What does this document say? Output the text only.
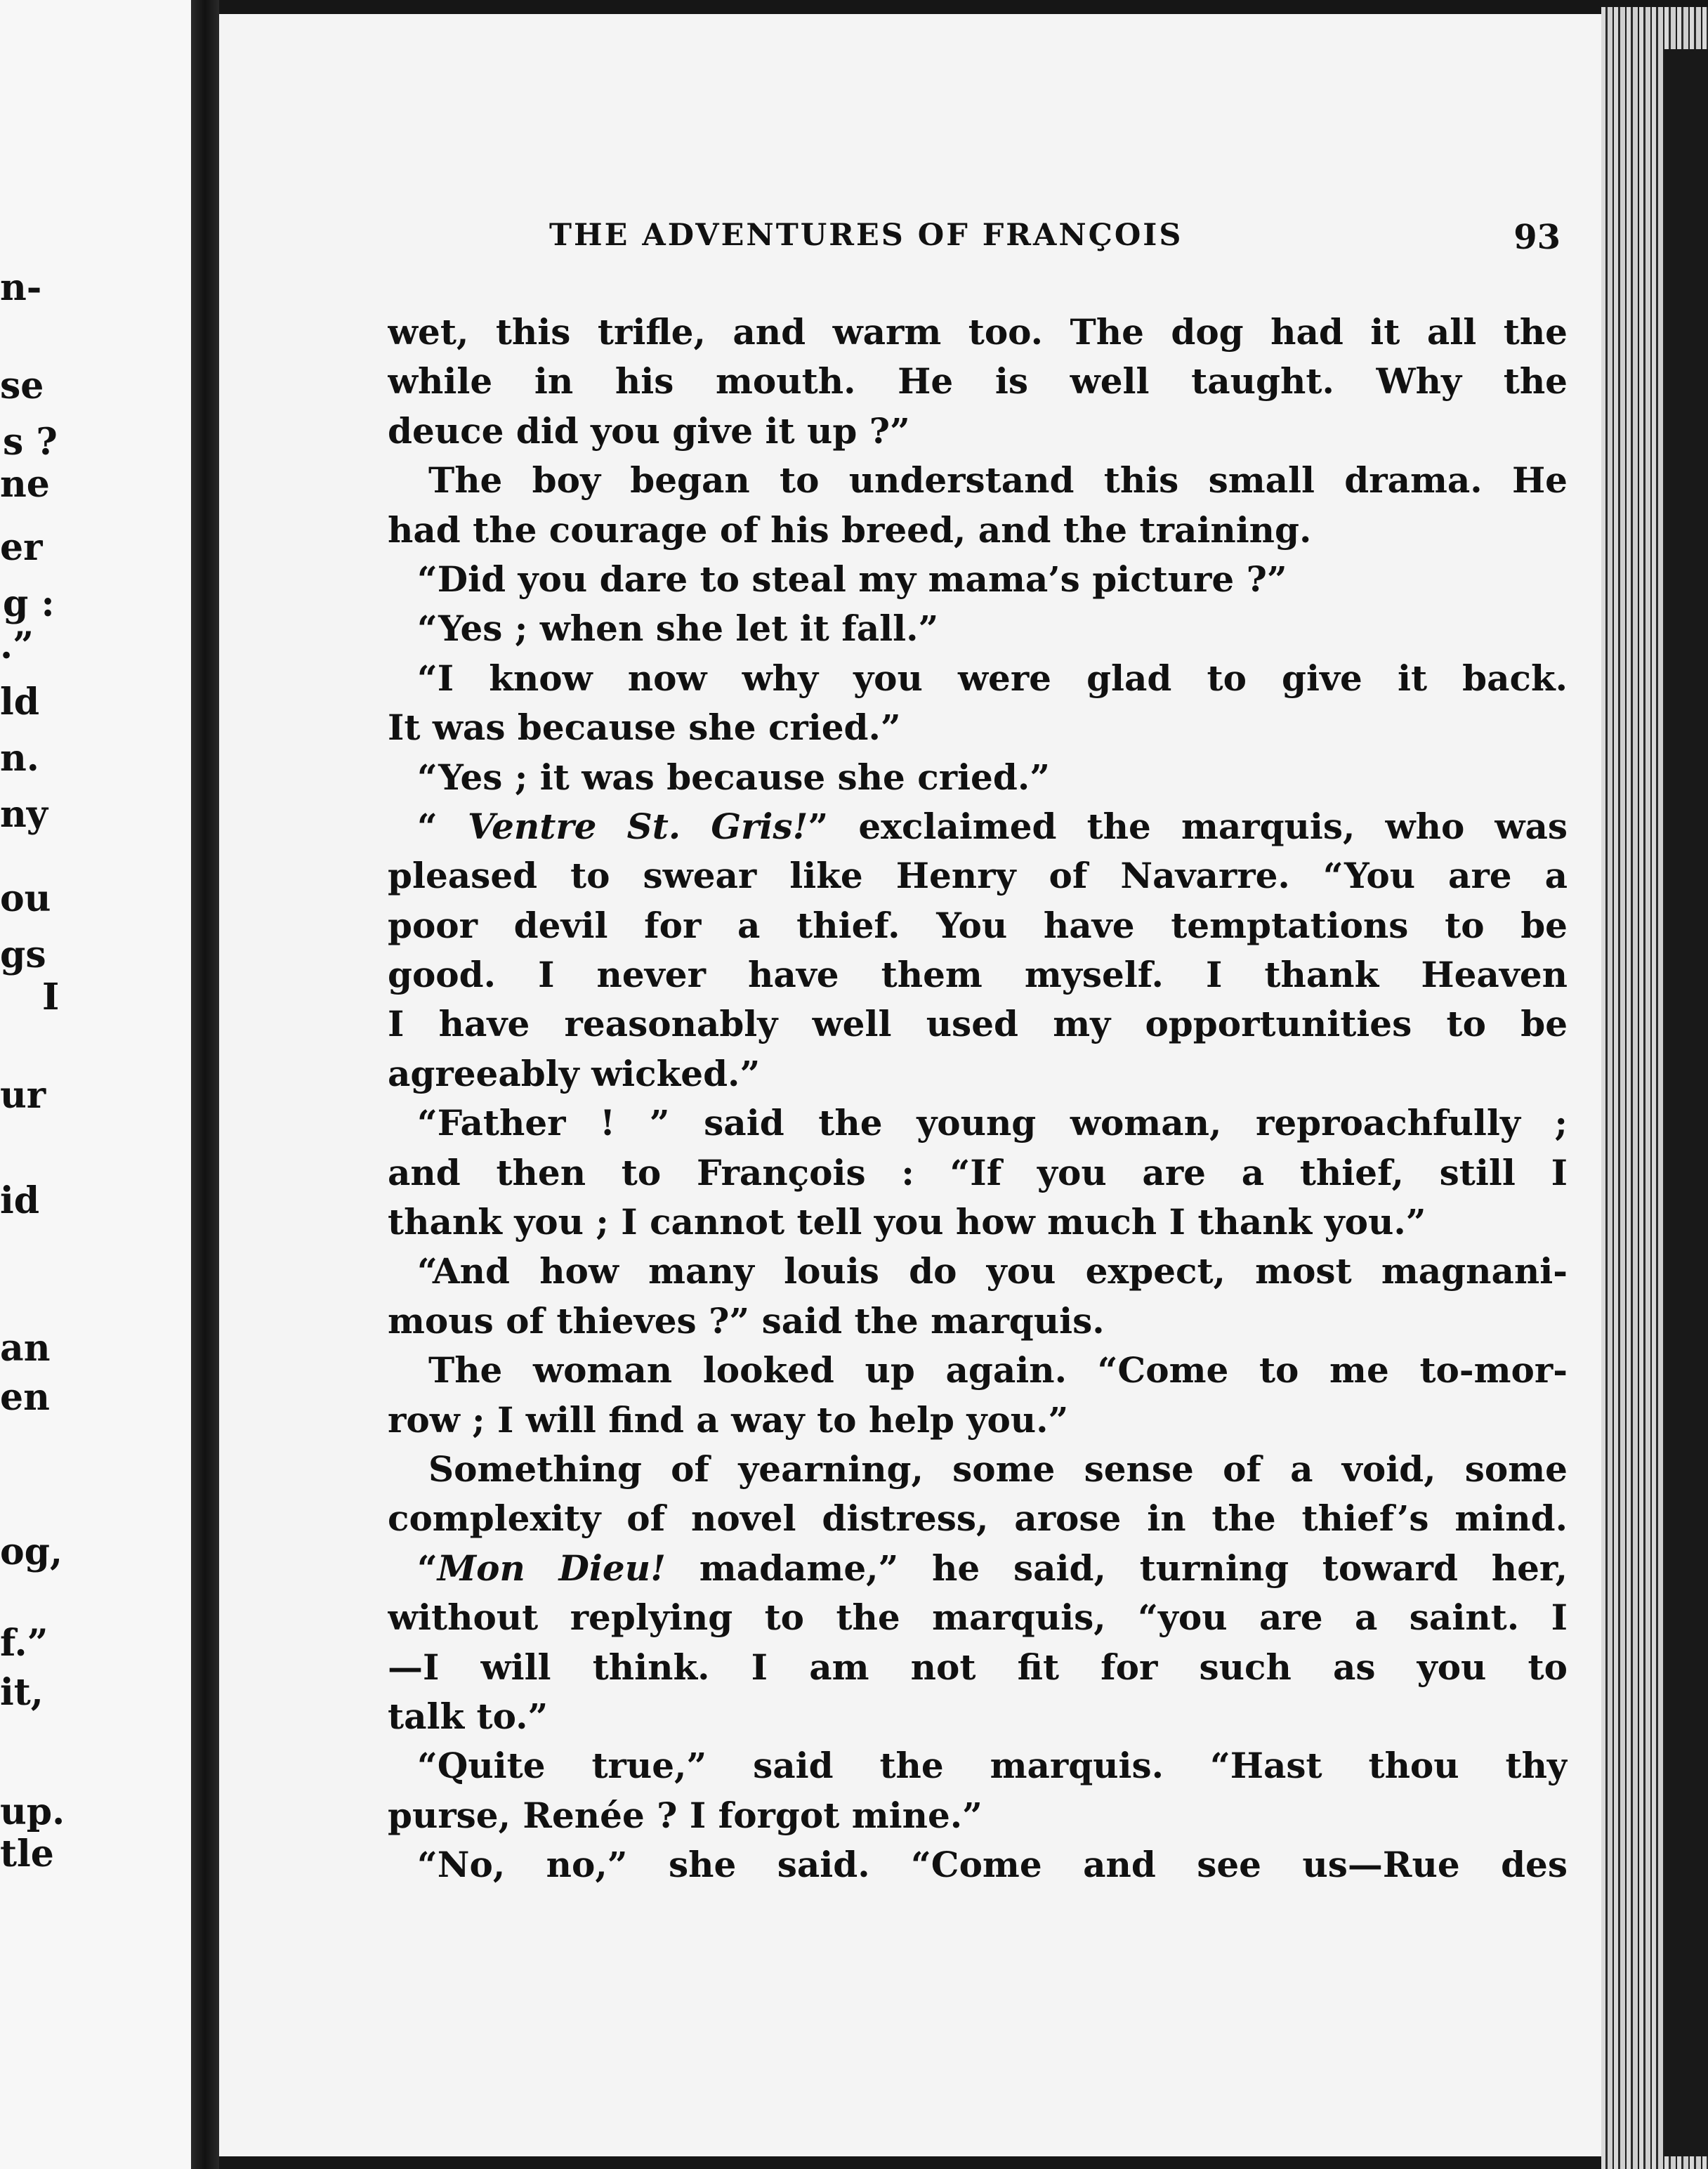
n-
se
s ?
ne
er
g :
.”
ld
n.
ny
ou
gs
I
ur
id
an
en
og,
f.”
it,
up.
tle
THE ADVENTURES OF FRANÇOIS	93
wet, this trifle, and warm too. The dog had it all the
while in his mouth. He is well taught. Why the
deuce did you give it up ?”
The boy began to understand this small drama. He
had the courage of his breed, and the training.
“Did you dare to steal my mama’s picture ?”
“Yes ; when she let it fall.”
“I know now why you were glad to give it back.
It was because she cried.”
“Yes ; it was because she cried.”
“ Ventre St. Gris!” exclaimed the marquis, who was
pleased to swear like Henry of Navarre. “You are a
poor devil for a thief. You have temptations to be
good. I never have them myself. I thank Heaven
I have reasonably well used my opportunities to be
agreeably wicked.”
“Father ! ” said the young woman, reproachfully ;
and then to François : “If you are a thief, still I
thank you ; I cannot tell you how much I thank you.”
“And how many louis do you expect, most magnani-
mous of thieves ?” said the marquis.
The woman looked up again. “Come to me to-mor-
row ; I will find a way to help you.”
Something of yearning, some sense of a void, some
complexity of novel distress, arose in the thief’s mind.
“Mon Dieu! madame,” he said, turning toward her,
without replying to the marquis, “you are a saint. I
—I will think. I am not fit for such as you to
talk to.”
“Quite true,” said the marquis. “Hast thou thy
purse, Renée ? I forgot mine.”
“No, no,” she said. “Come and see us—Rue des
